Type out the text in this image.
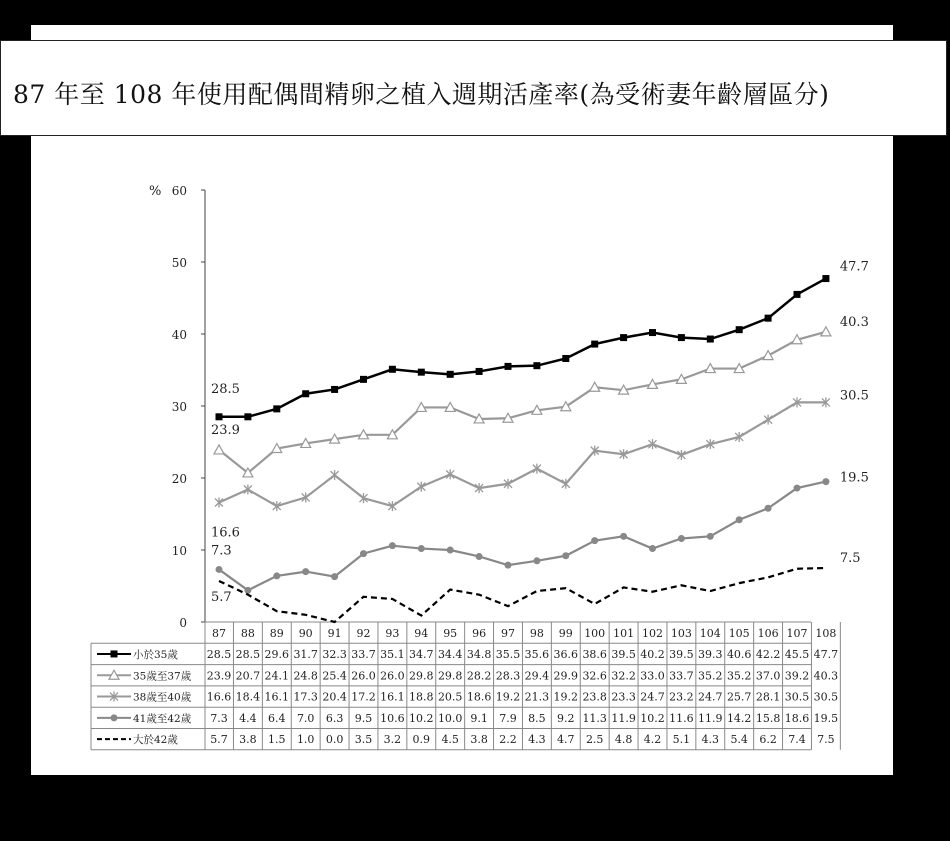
0
10
20
30
40
50
60
%
87 88 89 90 91 92 93 94 95 96 97 98 99 100 101 102 103 104 105 106 107 108
28.5
47.7
小於35歲	28.5 28.5 29.6 31.7 32.3 33.7 35.1 34.7 34.4 34.8 35.5 35.6 36.6 38.6 39.5 40.2 39.5 39.3 40.6 42.2 45.5 47.7
23.9
40.3
35歲至37歲 23.9 20.7 24.1 24.8 25.4 26.0 26.0 29.8 29.8 28.2 28.3 29.4 29.9 32.6 32.2 33.0 33.7 35.2 35.2 37.0 39.2 40.3
16.6
30.5
38歲至40歲 16.6 18.4 16.1 17.3 20.4 17.2 16.1 18.8 20.5 18.6 19.2 21.3 19.2 23.8 23.3 24.7 23.2 24.7 25.7 28.1 30.5 30.5
7.3
19.5
41歲至42歲 7.3 4.4 6.4 7.0 6.3 9.5 10.6 10.2 10.0 9.1 7.9 8.5 9.2 11.3 11.9 10.2 11.6 11.9 14.2 15.8 18.6 19.5
5.7
7.5
大於42歲	5.7 3.8 1.5 1.0 0.0 3.5 3.2 0.9 4.5 3.8 2.2 4.3 4.7 2.5 4.8 4.2 5.1 4.3 5.4 6.2 7.4 7.5
87 年至 108 年使用配偶間精卵之植入週期活產率(為受術妻年齡層區分)
